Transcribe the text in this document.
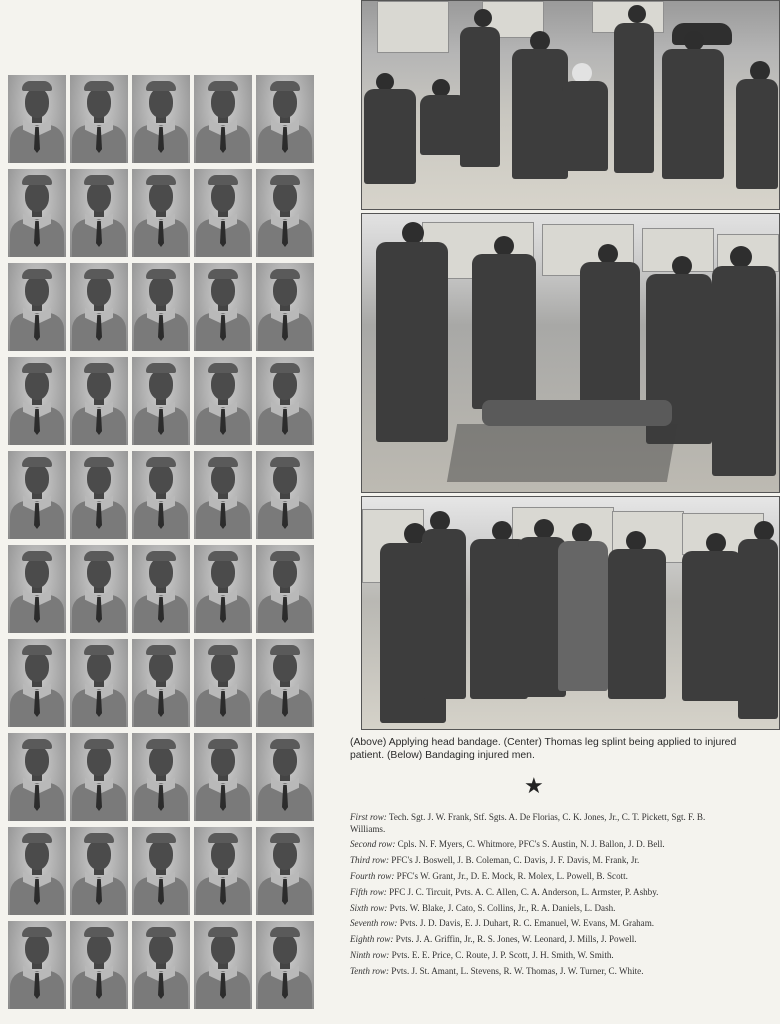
(Above) Applying head bandage. (Center) Thomas leg splint being applied to injured patient. (Below) Bandaging injured men.

★

First row: Tech. Sgt. J. W. Frank, Stf. Sgts. A. De Florias, C. K. Jones, Jr., C. T. Pickett, Sgt. F. B. Williams.

Second row: Cpls. N. F. Myers, C. Whitmore, PFC's S. Austin, N. J. Ballon, J. D. Bell.

Third row: PFC's J. Boswell, J. B. Coleman, C. Davis, J. F. Davis, M. Frank, Jr.

Fourth row: PFC's W. Grant, Jr., D. E. Mock, R. Molex, L. Powell, B. Scott.

Fifth row: PFC J. C. Tircuit, Pvts. A. C. Allen, C. A. Anderson, L. Armster, P. Ashby.

Sixth row: Pvts. W. Blake, J. Cato, S. Collins, Jr., R. A. Daniels, L. Dash.

Seventh row: Pvts. J. D. Davis, E. J. Duhart, R. C. Emanuel, W. Evans, M. Graham.

Eighth row: Pvts. J. A. Griffin, Jr., R. S. Jones, W. Leonard, J. Mills, J. Powell.

Ninth row: Pvts. E. E. Price, C. Route, J. P. Scott, J. H. Smith, W. Smith.

Tenth row: Pvts. J. St. Amant, L. Stevens, R. W. Thomas, J. W. Turner, C. White.
